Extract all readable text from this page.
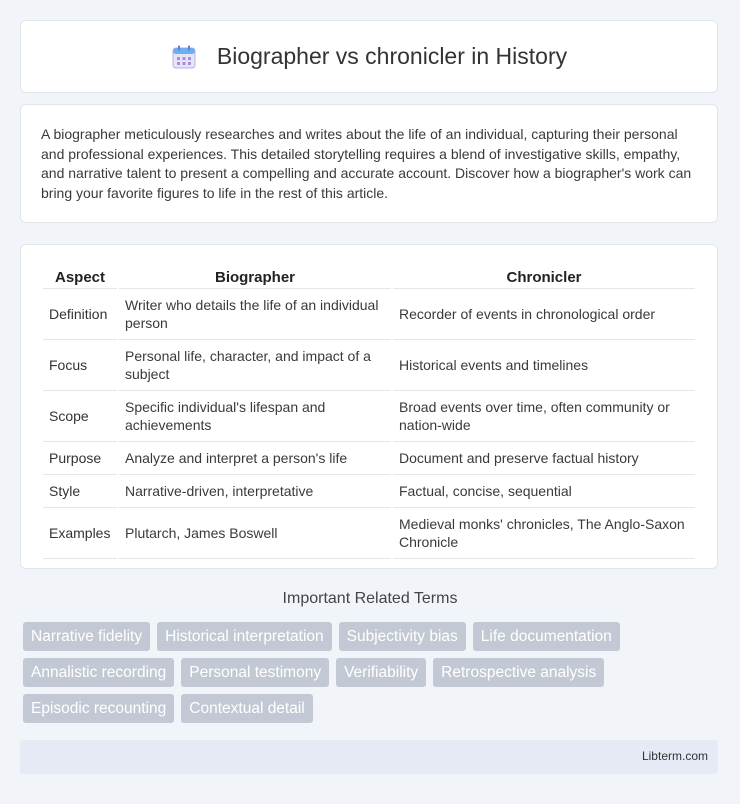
Biographer vs chronicler in History

A biographer meticulously researches and writes about the life of an individual, capturing their personal and professional experiences. This detailed storytelling requires a blend of investigative skills, empathy, and narrative talent to present a compelling and accurate account. Discover how a biographer's work can bring your favorite figures to life in the rest of this article.

Aspect	Biographer	Chronicler
Definition	Writer who details the life of an individual person	Recorder of events in chronological order
Focus	Personal life, character, and impact of a subject	Historical events and timelines
Scope	Specific individual's lifespan and achievements	Broad events over time, often community or nation-wide
Purpose	Analyze and interpret a person's life	Document and preserve factual history
Style	Narrative-driven, interpretative	Factual, concise, sequential
Examples	Plutarch, James Boswell	Medieval monks' chronicles, The Anglo-Saxon Chronicle
Important Related Terms
Narrative fidelity	Historical interpretation	Subjectivity bias	Life documentation
Annalistic recording	Personal testimony	Verifiability	Retrospective analysis
Episodic recounting	Contextual detail
Libterm.com
